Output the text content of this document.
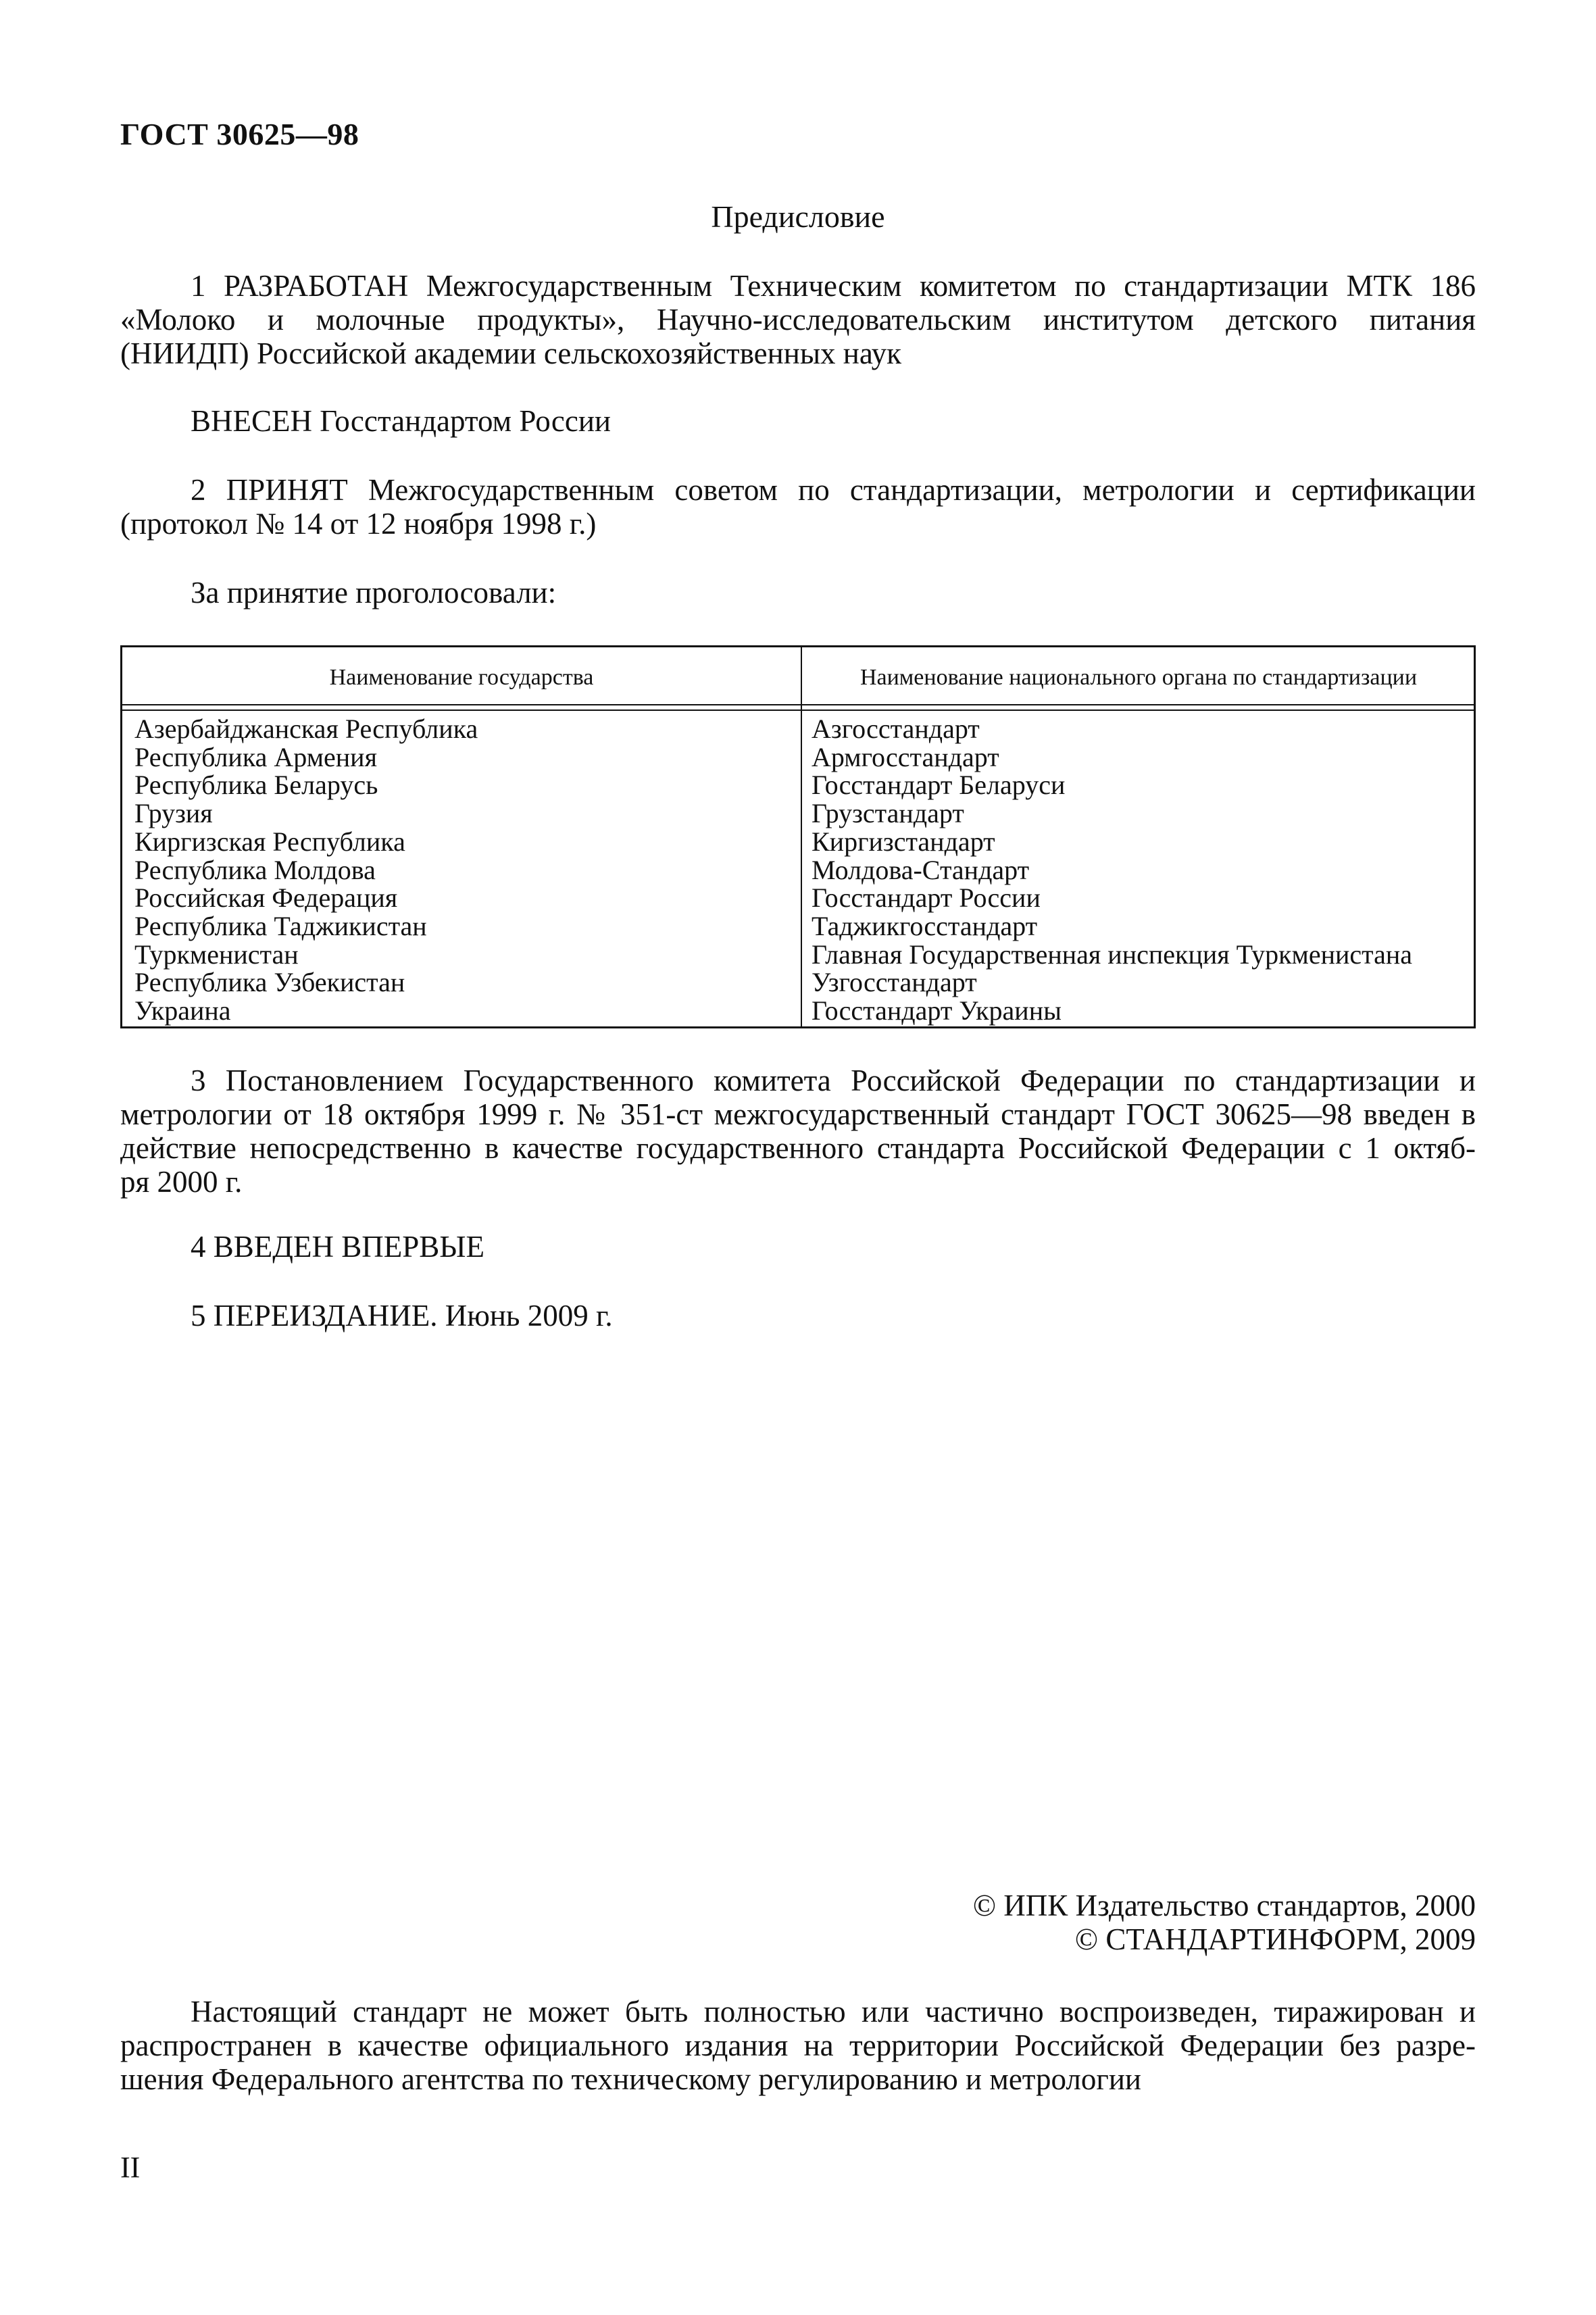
ГОСТ 30625—98
Предисловие
1 РАЗРАБОТАН Межгосударственным Техническим комитетом по стандартизации МТК 186
«Молоко и молочные продукты», Научно-исследовательским институтом детского питания
(НИИДП) Российской академии сельскохозяйственных наук
ВНЕСЕН Госстандартом России
2 ПРИНЯТ Межгосударственным советом по стандартизации, метрологии и сертификации
(протокол № 14 от 12 ноября 1998 г.)
За принятие проголосовали:
Наименование государства	Наименование национального органа по стандартизации
Азербайджанская Республика
Республика Армения
Республика Беларусь
Грузия
Киргизская Республика
Республика Молдова
Российская Федерация
Республика Таджикистан
Туркменистан
Республика Узбекистан
Украина
Азгосстандарт
Армгосстандарт
Госстандарт Беларуси
Грузстандарт
Киргизстандарт
Молдова-Стандарт
Госстандарт России
Таджикгосстандарт
Главная Государственная инспекция Туркменистана
Узгосстандарт
Госстандарт Украины
3 Постановлением Государственного комитета Российской Федерации по стандартизации и
метрологии от 18 октября 1999 г. № 351-ст межгосударственный стандарт ГОСТ 30625—98 введен в
действие непосредственно в качестве государственного стандарта Российской Федерации с 1 октяб-
ря 2000 г.
4 ВВЕДЕН ВПЕРВЫЕ
5 ПЕРЕИЗДАНИЕ. Июнь 2009 г.
© ИПК Издательство стандартов, 2000
© СТАНДАРТИНФОРМ, 2009
Настоящий стандарт не может быть полностью или частично воспроизведен, тиражирован и
распространен в качестве официального издания на территории Российской Федерации без разре-
шения Федерального агентства по техническому регулированию и метрологии
II
